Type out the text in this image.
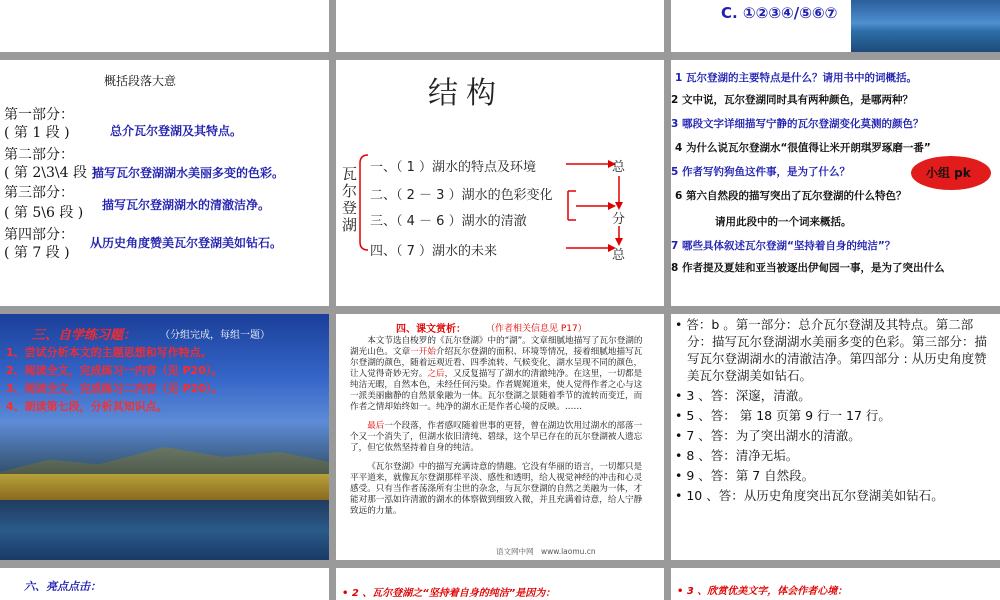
C. ①②③④/⑤⑥⑦
概括段落大意
第一部分：
( 第 1 段 )	总介瓦尔登湖及其特点。
第二部分：
( 第 2\3\4 段 )
描写瓦尔登湖湖水美丽多变的色彩。
第三部分：
( 第 5\6 段 ) 描写瓦尔登湖湖水的清澈洁净。
第四部分：
( 第 7 段 )
从历史角度赞美瓦尔登湖美如钻石。
结构
瓦尔登湖
一、（ 1 ）湖水的特点及环境
二、（ 2 － 3 ）湖水的色彩变化
三、（ 4 － 6 ）湖水的清澈
四、（ 7 ）湖水的未来
总
分
总
1 瓦尔登湖的主要特点是什么？请用书中的词概括。
2 文中说，瓦尔登湖同时具有两种颜色，是哪两种？
3 哪段文字详细描写宁静的瓦尔登湖变化莫测的颜色？
4 为什么说瓦尔登湖水“很值得让米开朗琪罗琢磨一番”
5 作者写钓狗鱼这件事，是为了什么？
6 第六自然段的描写突出了瓦尔登湖的什么特色？
请用此段中的一个词来概括。
7 哪些具体叙述瓦尔登湖“坚持着自身的纯洁”？
8 作者提及夏娃和亚当被逐出伊甸园一事，是为了突出什么
小组 pk
三、自学练习题： （分组完成，每组一题）
1、尝试分析本文的主题思想和写作特点。
2、阅读全文，完成练习一内容（见 P20）。
3、阅读全文，完成练习二内容（见 P20）。
4、朗读第七段，分析其知识点。
四、课文赏析： （作者相关信息见 P17）

本文节选自梭罗的《瓦尔登湖》中的“湖”。文章细腻地描写了瓦尔登湖的湖光山色。文章一开始介绍瓦尔登湖的面积、环境等情况，接着细腻地描写瓦尔登湖的颜色，随着远观近看、四季流转、气候变化，湖水呈现不同的颜色，让人觉得奇妙无穷。之后，又反复描写了湖水的清澈纯净。在这里，一切都是纯洁无暇，自然本色，未经任何污染。作者娓娓道来，使人觉得作者之心与这一派美丽幽静的自然景象融为一体。瓦尔登湖之景随着季节的流转而变迁，而作者之情却始终如一。纯净的湖水正是作者心境的反映。……

最后一个段落，作者感叹随着世事的更替，曾在湖边饮用过湖水的部落一个又一个消失了，但湖水依旧清纯、碧绿，这个早已存在的瓦尔登湖被人遗忘了，但它依然坚持着自身的纯洁。

《瓦尔登湖》中的描写充满诗意的情趣。它没有华丽的语言，一切都只是平平道来，就像瓦尔登湖那样平淡、感性和透明，给人视觉神经的冲击和心灵感受。只有当作者荡涤所有尘世的杂念，与瓦尔登湖的自然之美融为一体，才能对那一泓如许清澈的湖水的体察做到细致入微，并且充满着诗意，给人宁静致远的力量。

语文网中网　www.laomu.cn
• 答：b 。第一部分：总介瓦尔登湖及其特点。第二部分：描写瓦尔登湖湖水美丽多变的色彩。第三部分：描写瓦尔登湖湖水的清澈洁净。第四部分 : 从历史角度赞美瓦尔登湖美如钻石。
• 3 、答：深邃，清澈。
• 5 、答： 第 18 页第 9 行一 17 行。
• 7 、答：为了突出湖水的清澈。
• 8 、答：清净无垢。
• 9 、答：第 7 自然段。
• 10 、答：从历史角度突出瓦尔登湖美如钻石。
六、亮点点击：
• 2 、瓦尔登湖之“坚持着自身的纯洁”是因为：	• 3 、欣赏优美文字，体会作者心境：
